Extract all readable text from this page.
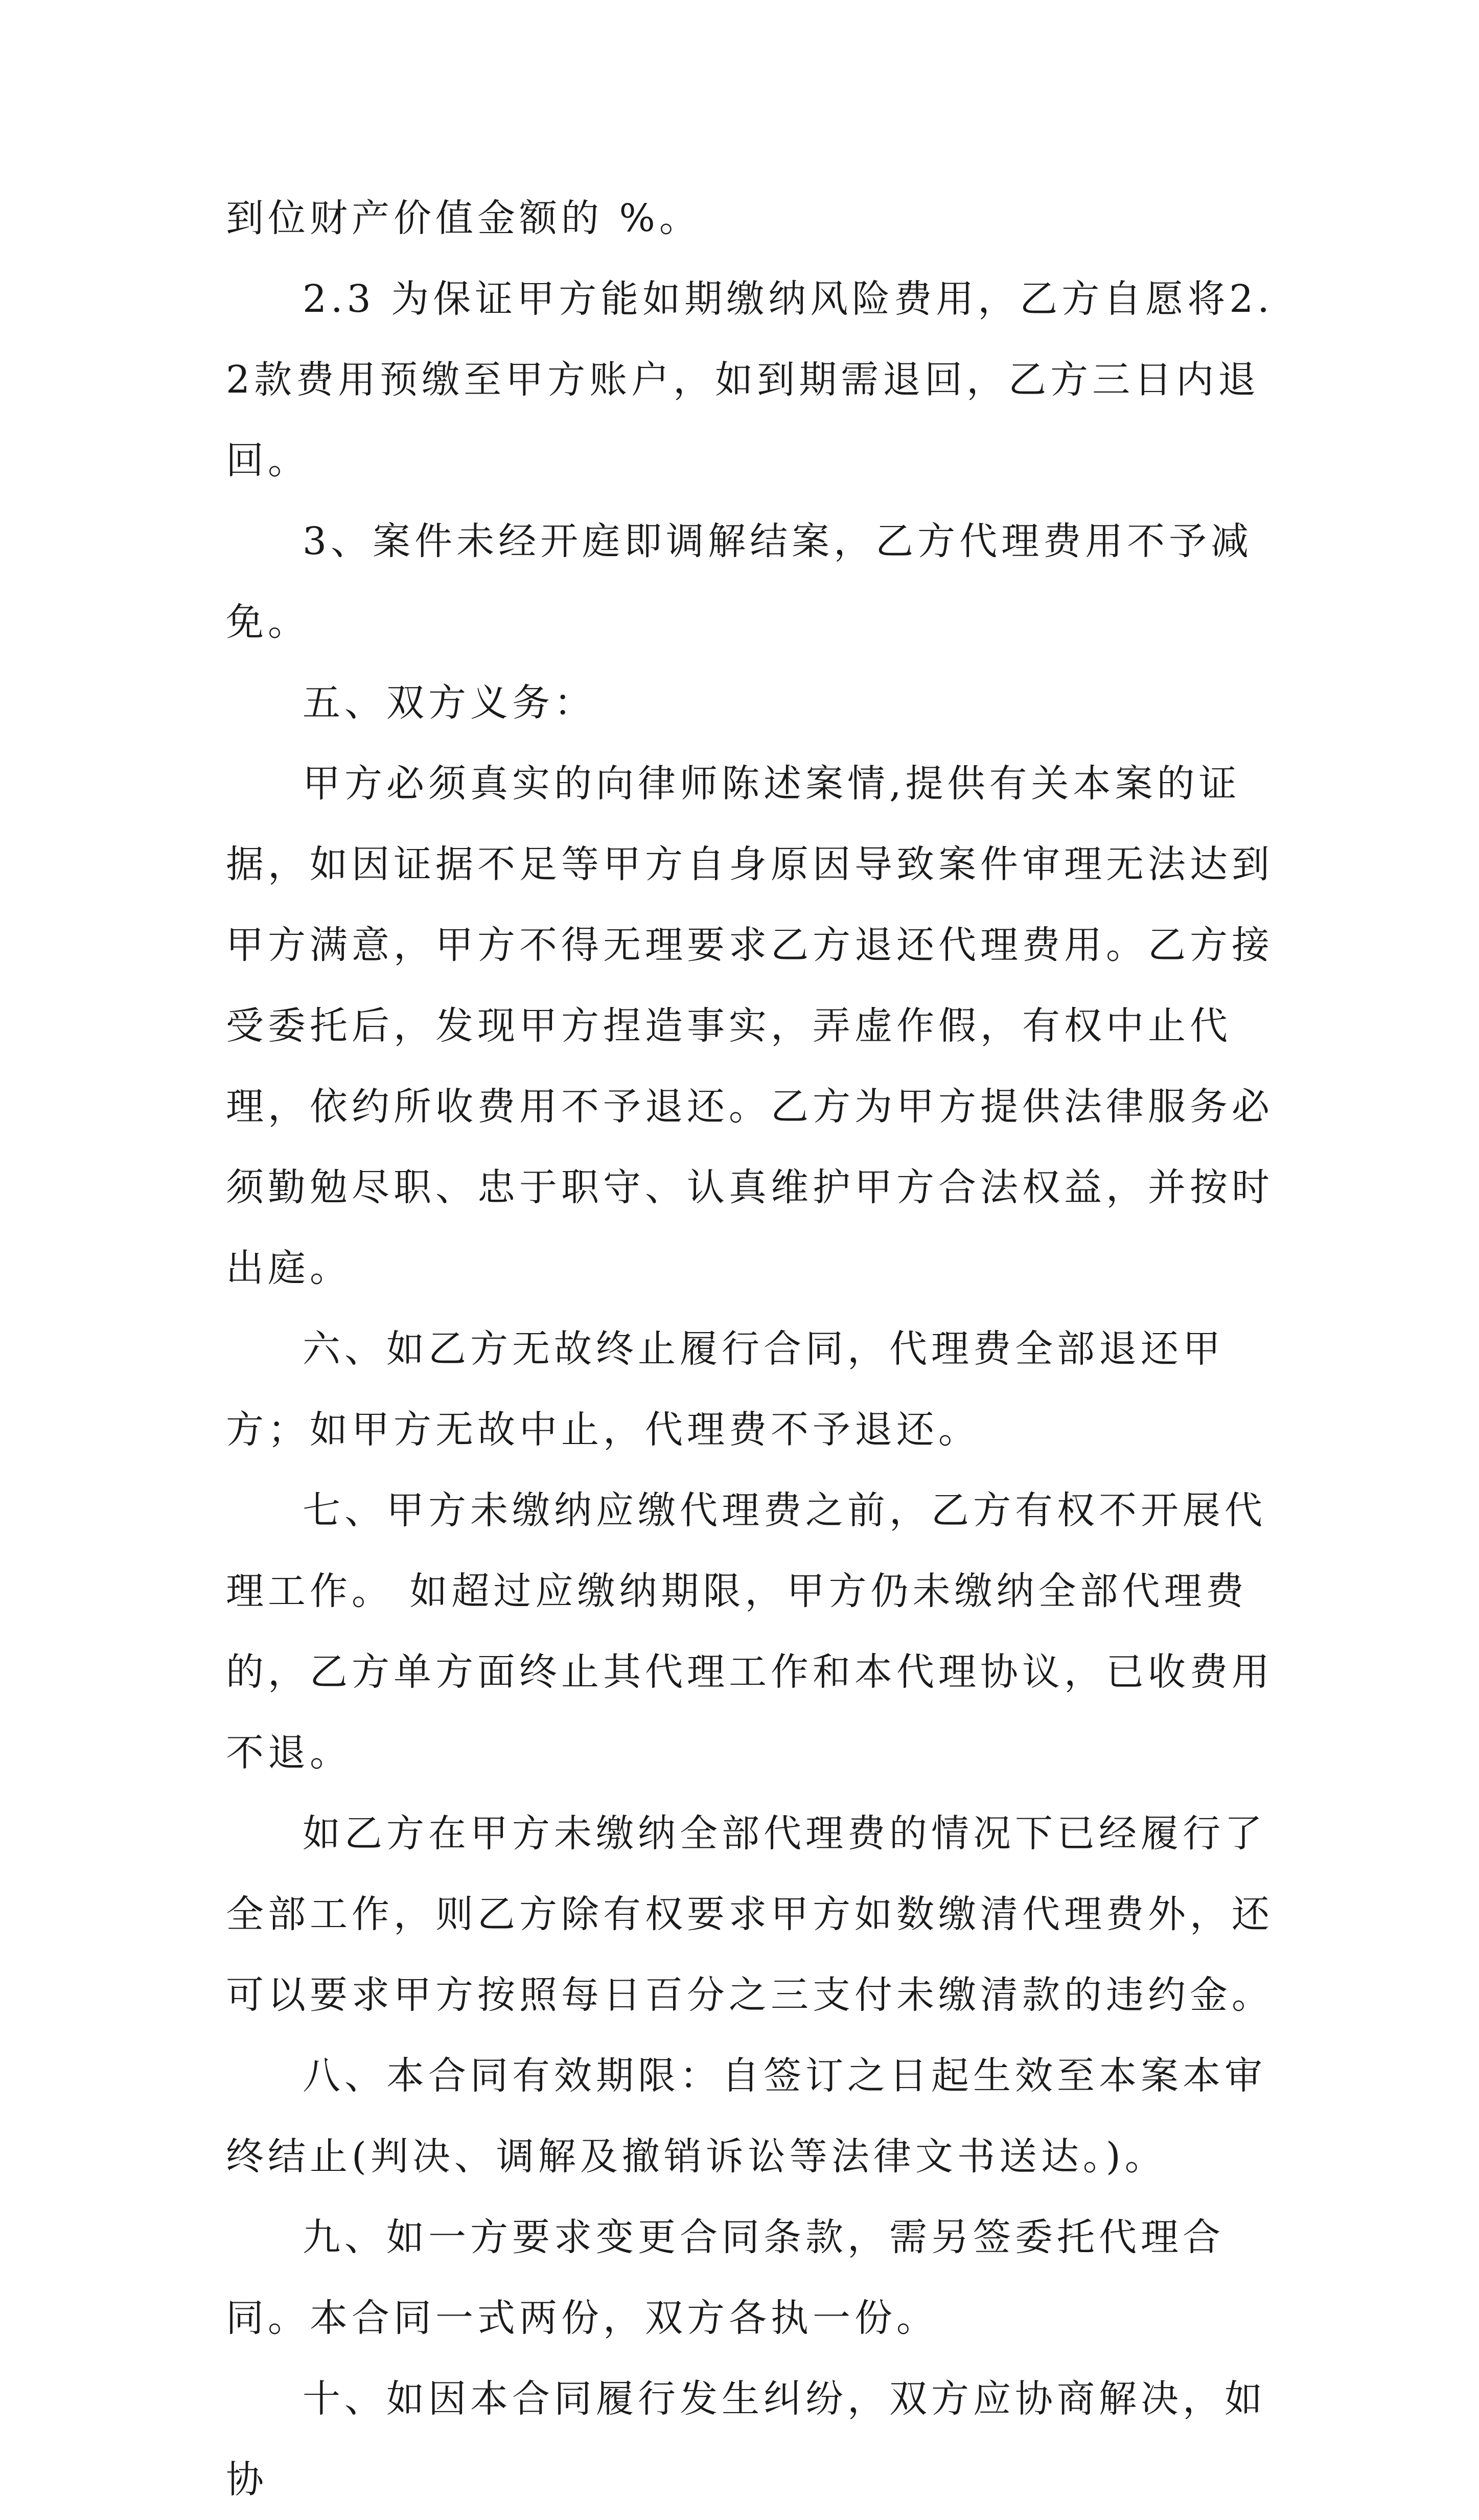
到位财产价值金额的 %。

2.3 为保证甲方能如期缴纳风险费用，乙方自愿将2.2款费用预缴至甲方账户，如到期需退回，乙方三日内退回。

3、案件未经开庭即调解结案，乙方代理费用不予减免。

五、双方义务：

甲方必须真实的向律师陈述案情,提供有关本案的证据，如因证据不足等甲方自身原因导致案件审理无法达到甲方满意，甲方不得无理要求乙方退还代理费用。乙方接受委托后，发现甲方捏造事实，弄虚作假，有权中止代理，依约所收费用不予退还。乙方为甲方提供法律服务必须勤勉尽职、忠于职守、认真维护甲方合法权益，并按时出庭。

六、如乙方无故终止履行合同，代理费全部退还甲方；如甲方无故中止，代理费不予退还。

七、甲方未缴纳应缴代理费之前，乙方有权不开展代理工作。 如超过应缴纳期限，甲方仍未缴纳全部代理费的，乙方单方面终止其代理工作和本代理协议，已收费用不退。

如乙方在甲方未缴纳全部代理费的情况下已经履行了全部工作，则乙方除有权要求甲方如数缴清代理费外，还可以要求甲方按照每日百分之三支付未缴清款的违约金。

八、本合同有效期限：自签订之日起生效至本案本审终结止(判决、调解及撤销诉讼等法律文书送达。)。

九、如一方要求变更合同条款，需另签委托代理合同。本合同一式两份，双方各执一份。

十、如因本合同履行发生纠纷，双方应协商解决，如协
